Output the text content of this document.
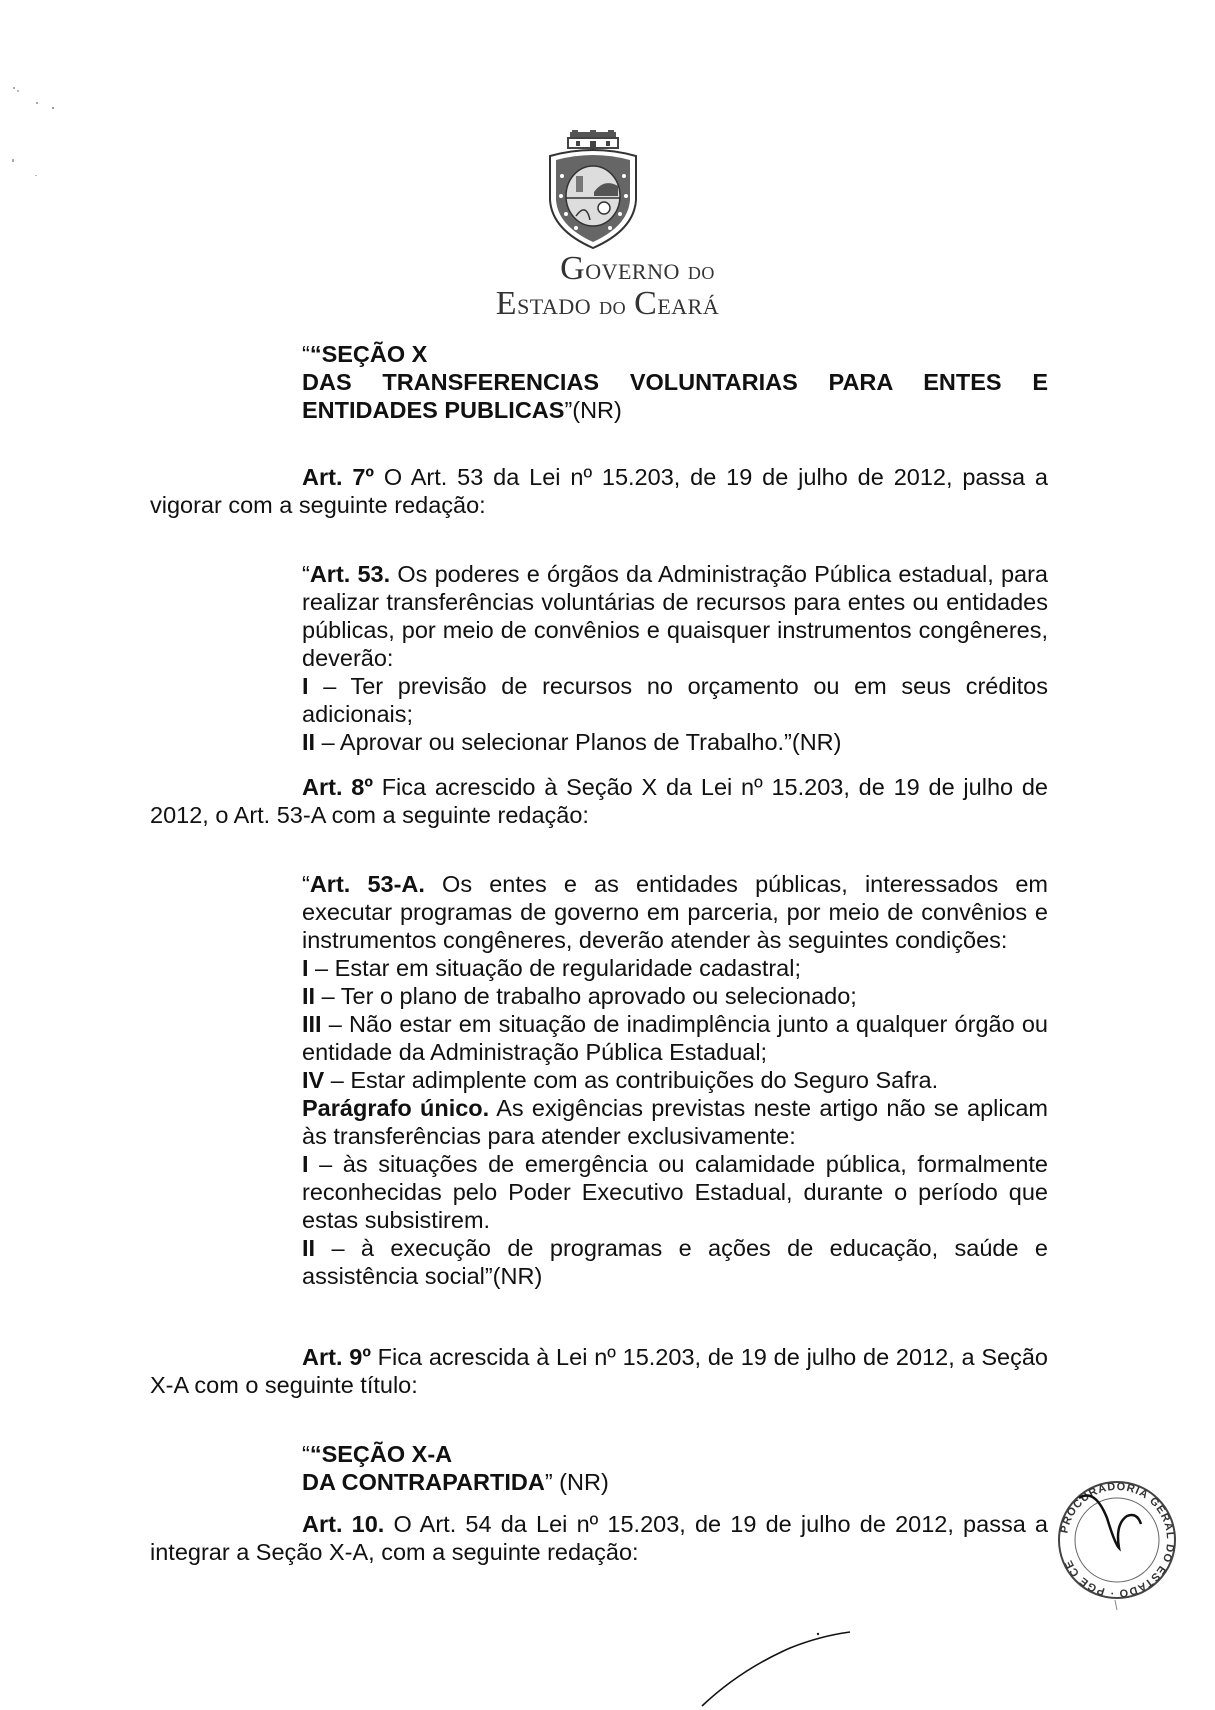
GOVERNO DO
ESTADO DO CEARÁ
““SEÇÃO X
DAS TRANSFERENCIAS VOLUNTARIAS PARA ENTES E
ENTIDADES PUBLICAS”(NR)
Art. 7º O Art. 53 da Lei nº 15.203, de 19 de julho de 2012, passa a vigorar com a seguinte redação:
“Art. 53. Os poderes e órgãos da Administração Pública estadual, para realizar transferências voluntárias de recursos para entes ou entidades públicas, por meio de convênios e quaisquer instrumentos congêneres, deverão:
I – Ter previsão de recursos no orçamento ou em seus créditos adicionais;
II – Aprovar ou selecionar Planos de Trabalho.”(NR)
Art. 8º Fica acrescido à Seção X da Lei nº 15.203, de 19 de julho de 2012, o Art. 53-A com a seguinte redação:
“Art. 53-A. Os entes e as entidades públicas, interessados em executar programas de governo em parceria, por meio de convênios e instrumentos congêneres, deverão atender às seguintes condições:
I – Estar em situação de regularidade cadastral;
II – Ter o plano de trabalho aprovado ou selecionado;
III – Não estar em situação de inadimplência junto a qualquer órgão ou entidade da Administração Pública Estadual;
IV – Estar adimplente com as contribuições do Seguro Safra.
Parágrafo único. As exigências previstas neste artigo não se aplicam às transferências para atender exclusivamente:
I – às situações de emergência ou calamidade pública, formalmente reconhecidas pelo Poder Executivo Estadual, durante o período que estas subsistirem.
II – à execução de programas e ações de educação, saúde e assistência social”(NR)
Art. 9º Fica acrescida à Lei nº 15.203, de 19 de julho de 2012, a Seção X-A com o seguinte título:
““SEÇÃO X-A
DA CONTRAPARTIDA” (NR)
Art. 10. O Art. 54 da Lei nº 15.203, de 19 de julho de 2012, passa a integrar a Seção X-A, com a seguinte redação:
PROCURADORIA GERAL DO ESTADO · PGE CE
